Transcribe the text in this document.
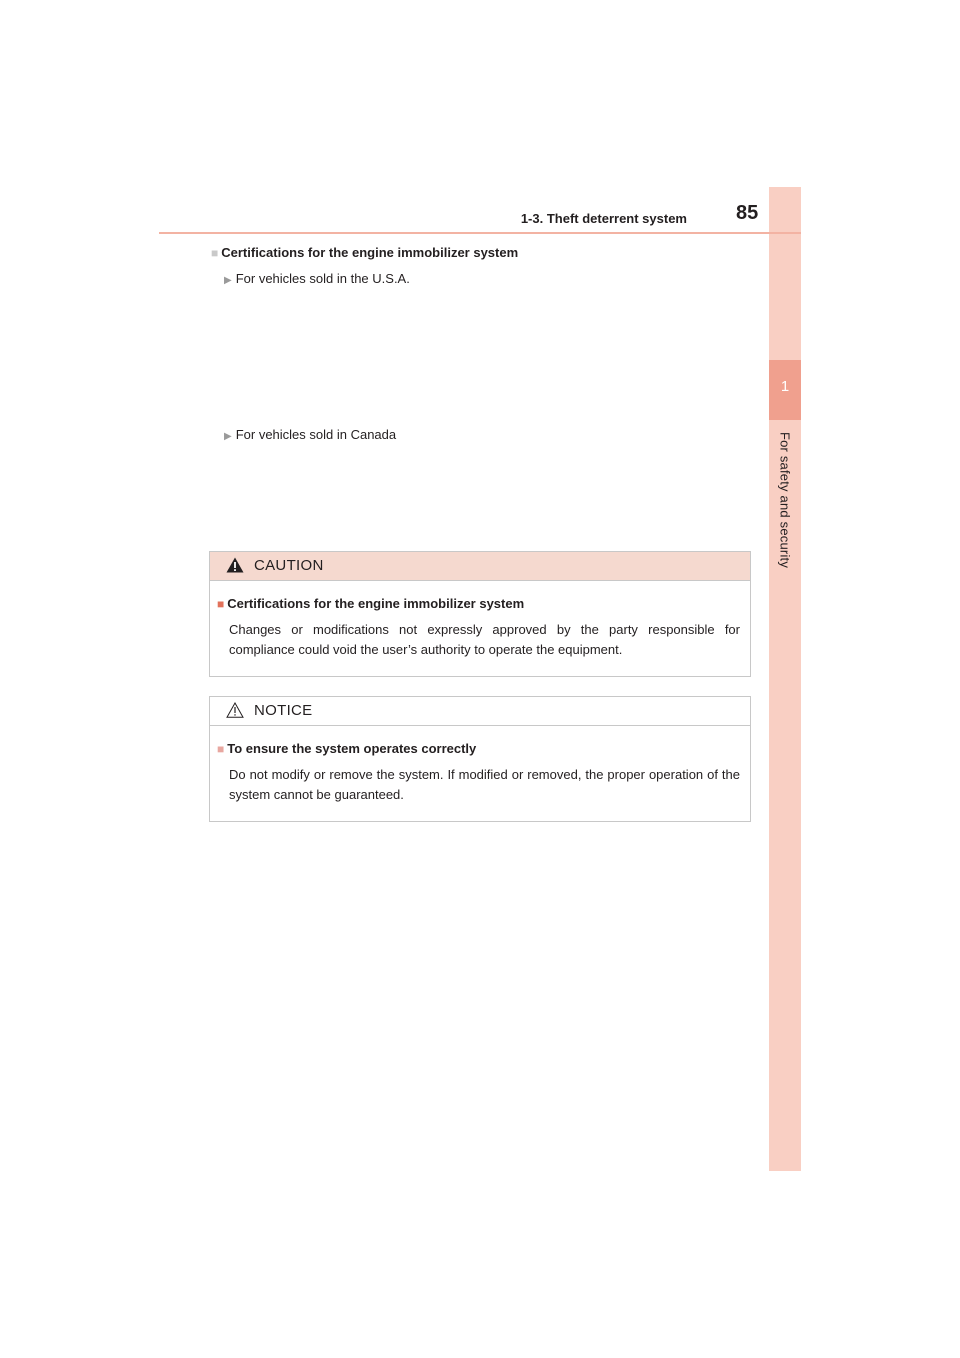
1
For safety and security
1-3. Theft deterrent system 85
■ Certifications for the engine immobilizer system
▶ For vehicles sold in the U.S.A.
▶ For vehicles sold in Canada
CAUTION
■ Certifications for the engine immobilizer system
Changes or modifications not expressly approved by the party responsible for compliance could void the user’s authority to operate the equipment.
NOTICE
■ To ensure the system operates correctly
Do not modify or remove the system. If modified or removed, the proper operation of the system cannot be guaranteed.
